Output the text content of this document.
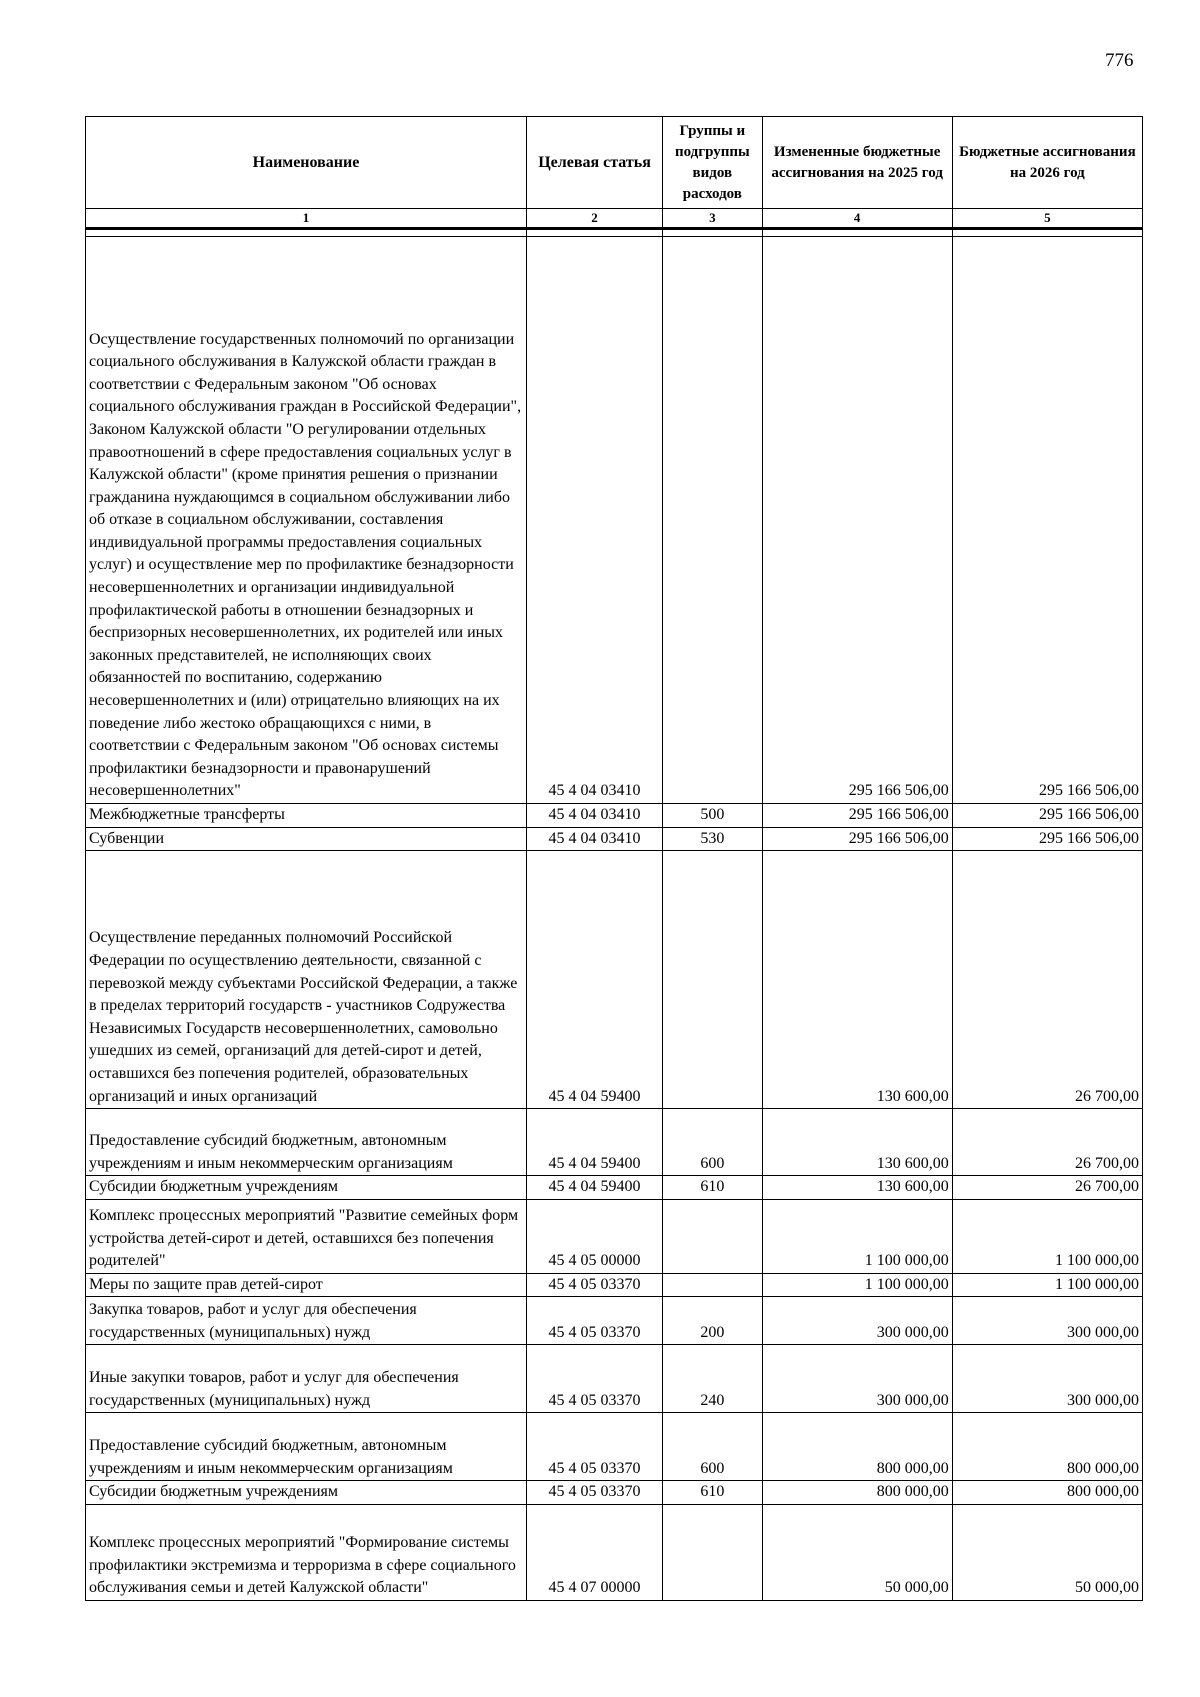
776
Наименование	Целевая статья	Группы и подгруппы видов расходов	Измененные бюджетные ассигнования на 2025 год	Бюджетные ассигнования на 2026 год
1	2	3	4	5

Осуществление государственных полномочий по организации социального обслуживания в Калужской области граждан в соответствии с Федеральным законом "Об основах социального обслуживания граждан в Российской Федерации", Законом Калужской области "О регулировании отдельных правоотношений в сфере предоставления социальных услуг в Калужской области" (кроме принятия решения о признании гражданина нуждающимся в социальном обслуживании либо об отказе в социальном обслуживании, составления индивидуальной программы предоставления социальных услуг) и осуществление мер по профилактике безнадзорности несовершеннолетних и организации индивидуальной профилактической работы в отношении безнадзорных и беспризорных несовершеннолетних, их родителей или иных законных представителей, не исполняющих своих обязанностей по воспитанию, содержанию несовершеннолетних и (или) отрицательно влияющих на их поведение либо жестоко обращающихся с ними, в соответствии с Федеральным законом "Об основах системы профилактики безнадзорности и правонарушений несовершеннолетних"	45 4 04 03410		295 166 506,00	295 166 506,00
Межбюджетные трансферты	45 4 04 03410	500	295 166 506,00	295 166 506,00
Субвенции	45 4 04 03410	530	295 166 506,00	295 166 506,00
Осуществление переданных полномочий Российской Федерации по осуществлению деятельности, связанной с перевозкой между субъектами Российской Федерации, а также в пределах территорий государств - участников Содружества Независимых Государств несовершеннолетних, самовольно ушедших из семей, организаций для детей-сирот и детей, оставшихся без попечения родителей, образовательных организаций и иных организаций	45 4 04 59400		130 600,00	26 700,00
Предоставление субсидий бюджетным, автономным учреждениям и иным некоммерческим организациям	45 4 04 59400	600	130 600,00	26 700,00
Субсидии бюджетным учреждениям	45 4 04 59400	610	130 600,00	26 700,00
Комплекс процессных мероприятий "Развитие семейных форм устройства детей-сирот и детей, оставшихся без попечения родителей"	45 4 05 00000		1 100 000,00	1 100 000,00
Меры по защите прав детей-сирот	45 4 05 03370		1 100 000,00	1 100 000,00
Закупка товаров, работ и услуг для обеспечения государственных (муниципальных) нужд	45 4 05 03370	200	300 000,00	300 000,00
Иные закупки товаров, работ и услуг для обеспечения государственных (муниципальных) нужд	45 4 05 03370	240	300 000,00	300 000,00
Предоставление субсидий бюджетным, автономным учреждениям и иным некоммерческим организациям	45 4 05 03370	600	800 000,00	800 000,00
Субсидии бюджетным учреждениям	45 4 05 03370	610	800 000,00	800 000,00
Комплекс процессных мероприятий "Формирование системы профилактики экстремизма и терроризма в сфере социального обслуживания семьи и детей Калужской области"	45 4 07 00000		50 000,00	50 000,00
